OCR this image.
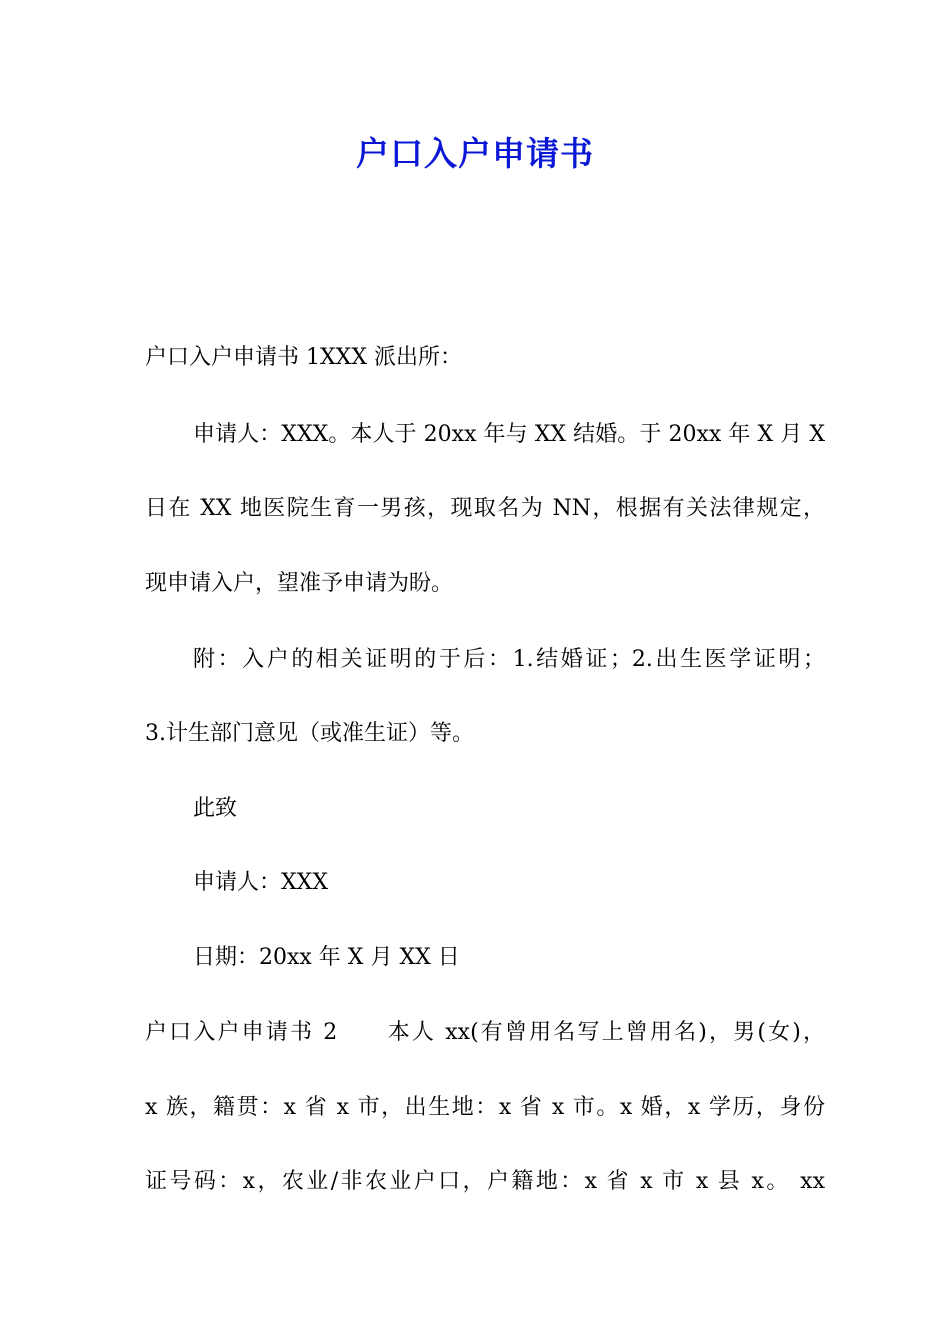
户口入户申请书
户口入户申请书 1XXX 派出所：
申请人：XXX。本人于 20xx 年与 XX 结婚。于 20xx 年 X 月 X
日在 XX 地医院生育一男孩，现取名为 NN，根据有关法律规定，
现申请入户，望准予申请为盼。
附：入户的相关证明的于后：1.结婚证；2.出生医学证明；
3.计生部门意见（或准生证）等。
此致
申请人：XXX
日期：20xx 年 X 月 XX 日
户口入户申请书 2　　本人 xx(有曾用名写上曾用名)，男(女)，
x 族，籍贯：x 省 x 市，出生地：x 省 x 市。x 婚，x 学历，身份
证号码：x，农业/非农业户口，户籍地：x 省 x 市 x 县 x。 xx
